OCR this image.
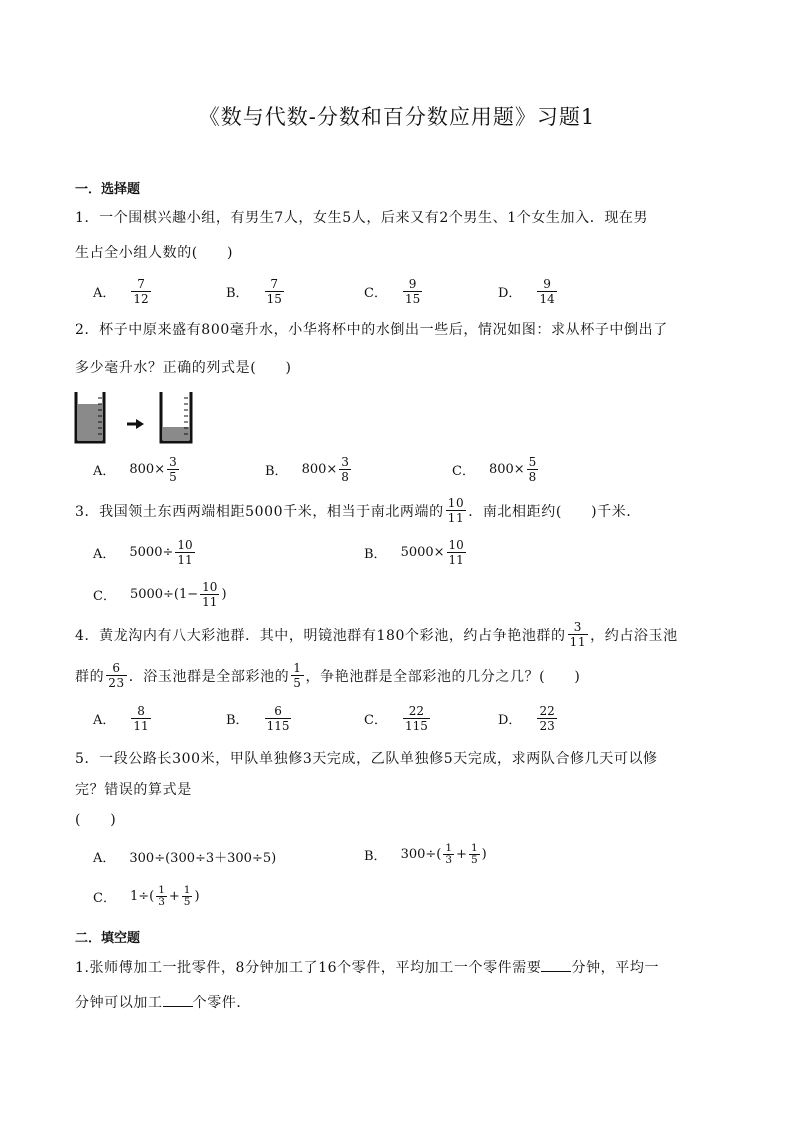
《数与代数-分数和百分数应用题》习题1
一．选择题
1．一个围棋兴趣小组，有男生7人，女生5人，后来又有2个男生、1个女生加入．现在男
生占全小组人数的(　　)
A． $\frac{7}{12}$	B． $\frac{7}{15}$	C． $\frac{9}{15}$	D． $\frac{9}{14}$
2．杯子中原来盛有800毫升水，小华将杯中的水倒出一些后，情况如图：求从杯子中倒出了
多少毫升水？正确的列式是(　　)
A． $800\times \frac{3}{5}$	B． $800\times \frac{3}{8}$	C． $800\times \frac{5}{8}$
3．我国领土东西两端相距5000千米，相当于南北两端的 $\frac{10}{11}$ ．南北相距约(　　)千米．
A． $5000\div \frac{10}{11}$	B． $5000\times \frac{10}{11}$
C． $5000\div(1- \frac{10}{11}$ )
4．黄龙沟内有八大彩池群．其中，明镜池群有180个彩池，约占争艳池群的 $\frac{3}{11}$ ，约占浴玉池
群的 $\frac{6}{23}$ ．浴玉池群是全部彩池的 $\frac{1}{5}$ ，争艳池群是全部彩池的几分之几？(　　)
A． $\frac{8}{11}$	B． $\frac{6}{115}$	C． $\frac{22}{115}$	D． $\frac{22}{23}$
5．一段公路长300米，甲队单独修3天完成，乙队单独修5天完成，求两队合修几天可以修
完？错误的算式是
(　　)
A． 300÷(300÷3＋300÷5)	B． $300\div( \frac{1}{3} + \frac{1}{5}$ )
C． $1\div( \frac{1}{3} + \frac{1}{5}$ )
二．填空题
1.张师傅加工一批零件，8分钟加工了16个零件，平均加工一个零件需要 分钟，平均一
分钟可以加工 个零件．
